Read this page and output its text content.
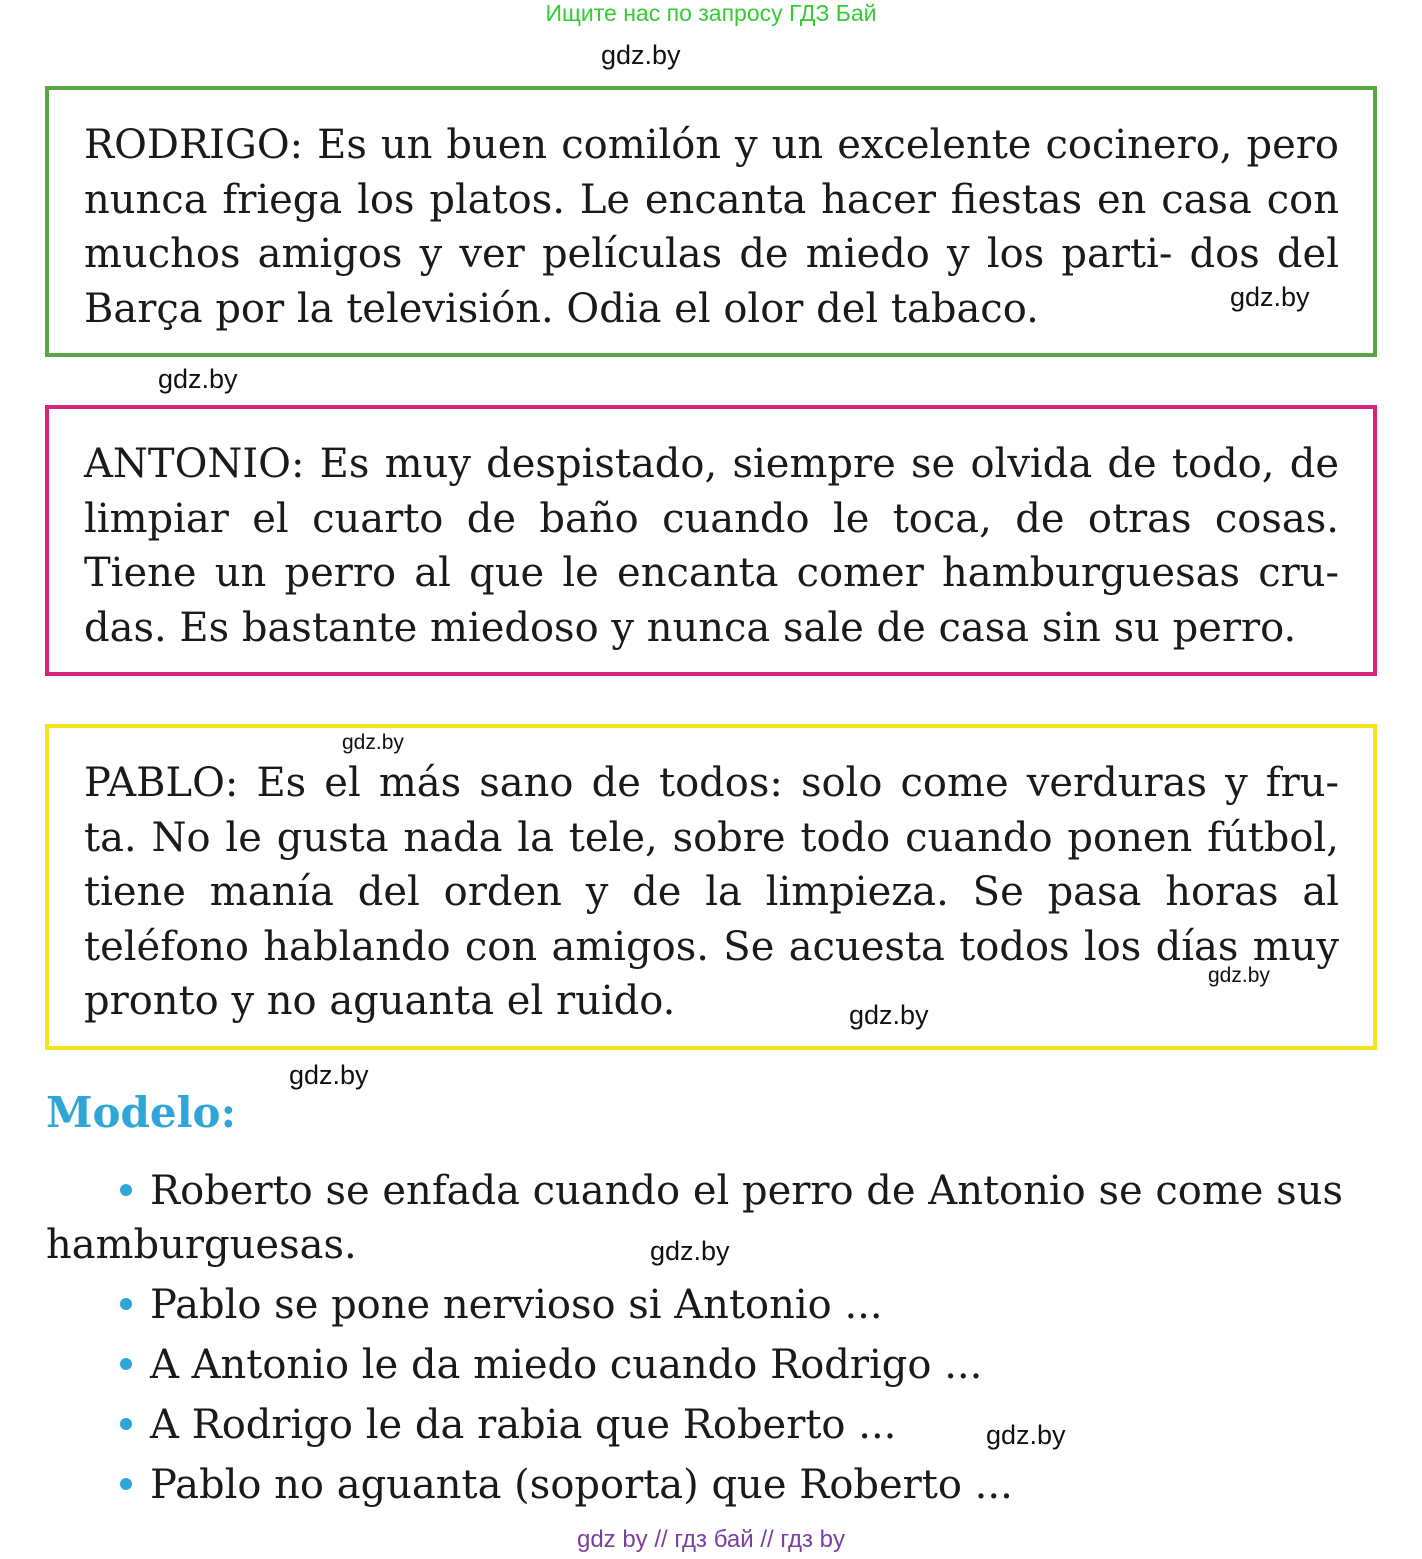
Ищите нас по запросу ГДЗ Бай
gdz.by

RODRIGO: Es un buen comilón y un excelente cocinero, pero nunca friega los platos. Le encanta hacer fiestas en casa con muchos amigos y ver películas de miedo y los parti- dos del Barça por la televisión. Odia el olor del tabaco.	gdz.by
gdz.by

ANTONIO: Es muy despistado, siempre se olvida de todo, de limpiar el cuarto de baño cuando le toca, de otras cosas. Tiene un perro al que le encanta comer hamburguesas cru- das. Es bastante miedoso y nunca sale de casa sin su perro.

PABLO: Es el más sano de todos: solo come verduras y fru- ta. No le gusta nada la tele, sobre todo cuando ponen fútbol, tiene manía del orden y de la limpieza. Se pasa horas al teléfono hablando con amigos. Se acuesta todos los días muy pronto y no aguanta el ruido.

gdz.by
gdz.by
gdz.by
gdz.by
Modelo:

Roberto se enfada cuando el perro de Antonio se come sus hamburguesas.

Pablo se pone nervioso si Antonio ...

A Antonio le da miedo cuando Rodrigo ...

A Rodrigo le da rabia que Roberto ...

Pablo no aguanta (soporta) que Roberto ...

gdz.by
gdz.by
gdz by // гдз бай // гдз by
